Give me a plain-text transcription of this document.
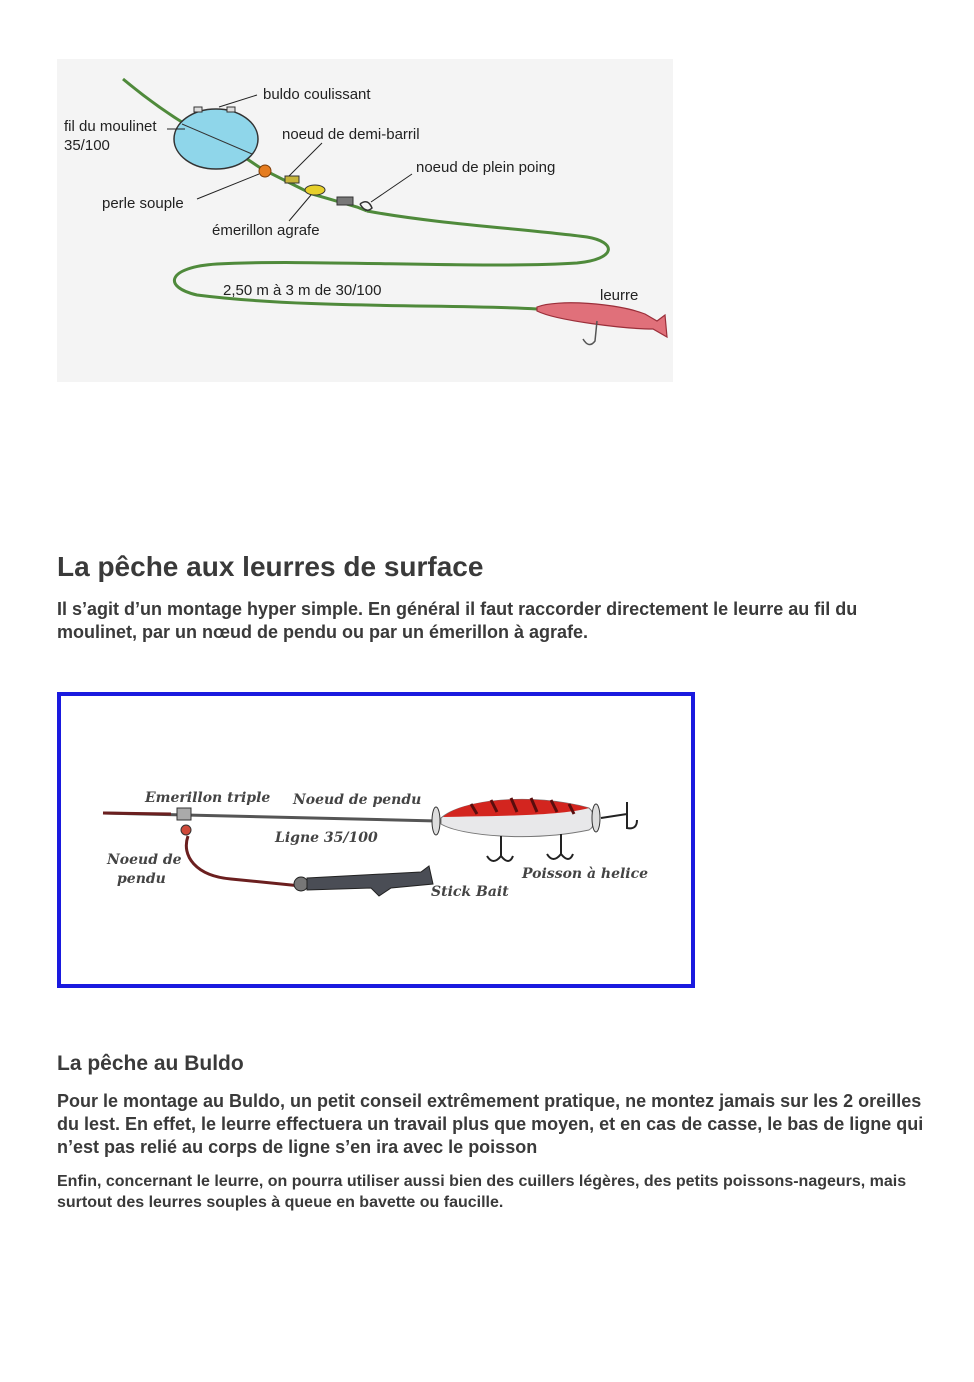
buldo coulissant
fil du moulinet
35/100
noeud de demi-barril
noeud de plein poing
perle souple
émerillon agrafe
2,50 m à 3 m de 30/100	leurre
La pêche aux leurres de surface

Il s’agit d’un montage hyper simple. En général il faut raccorder directement le leurre au fil du moulinet, par un nœud de pendu ou par un émerillon à agrafe.

Emerillon triple Noeud de pendu
Ligne 35/100
Noeud de
pendu
Stick Bait
Poisson à helice
La pêche au Buldo

Pour le montage au Buldo, un petit conseil extrêmement pratique, ne montez jamais sur les 2 oreilles du lest. En effet, le leurre effectuera un travail plus que moyen, et en cas de casse, le bas de ligne qui n’est pas relié au corps de ligne s’en ira avec le poisson

Enfin, concernant le leurre, on pourra utiliser aussi bien des cuillers légères, des petits poissons-nageurs, mais surtout des leurres souples à queue en bavette ou faucille.
